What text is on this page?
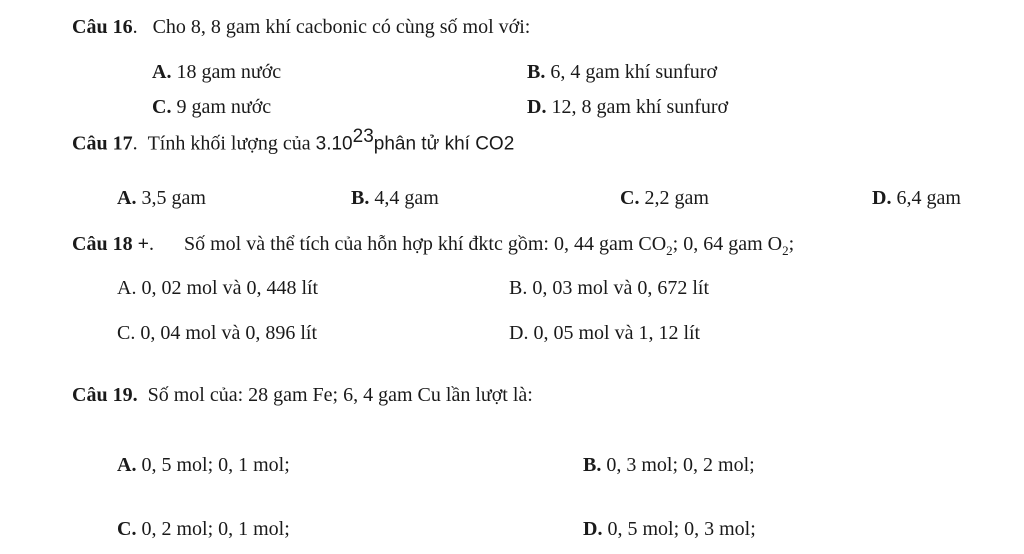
Câu 16. Cho 8, 8 gam khí cacbonic có cùng số mol với:
A. 18 gam nước	B. 6, 4 gam khí sunfurơ
C. 9 gam nước	D. 12, 8 gam khí sunfurơ
Câu 17. Tính khối lượng của 3.10$^{23}$phân tử khí CO2
A. 3,5 gam	B. 4,4 gam	C. 2,2 gam	D. 6,4 gam
Câu 18 +. Số mol và thể tích của hỗn hợp khí đktc gồm: 0, 44 gam $CO_2$; 0, 64 gam $O_2$;
A. 0, 02 mol và 0, 448 lít	B. 0, 03 mol và 0, 672 lít
C. 0, 04 mol và 0, 896 lít	D. 0, 05 mol và 1, 12 lít
Câu 19. Số mol của: 28 gam Fe; 6, 4 gam Cu lần lượt là:
A. 0, 5 mol; 0, 1 mol;	B. 0, 3 mol; 0, 2 mol;
C. 0, 2 mol; 0, 1 mol;	D. 0, 5 mol; 0, 3 mol;
